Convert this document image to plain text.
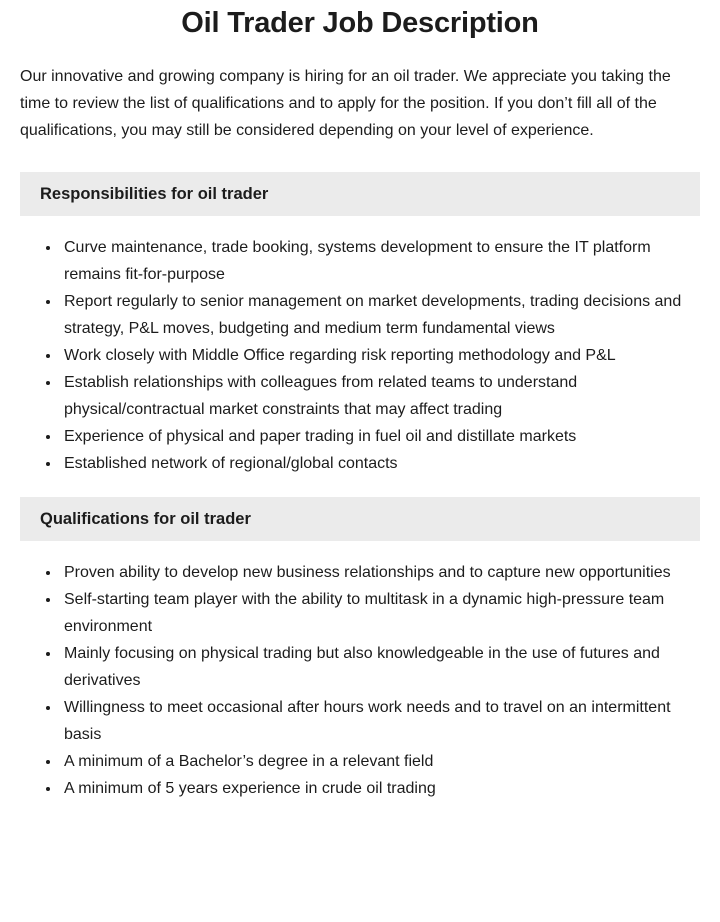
Oil Trader Job Description

Our innovative and growing company is hiring for an oil trader. We appreciate you taking the time to review the list of qualifications and to apply for the position. If you don’t fill all of the qualifications, you may still be considered depending on your level of experience.

Responsibilities for oil trader
• Curve maintenance, trade booking, systems development to ensure the IT platform remains fit-for-purpose
• Report regularly to senior management on market developments, trading decisions and strategy, P&L moves, budgeting and medium term fundamental views
• Work closely with Middle Office regarding risk reporting methodology and P&L
• Establish relationships with colleagues from related teams to understand physical/contractual market constraints that may affect trading
• Experience of physical and paper trading in fuel oil and distillate markets
• Established network of regional/global contacts
Qualifications for oil trader
• Proven ability to develop new business relationships and to capture new opportunities
• Self-starting team player with the ability to multitask in a dynamic high-pressure team environment
• Mainly focusing on physical trading but also knowledgeable in the use of futures and derivatives
• Willingness to meet occasional after hours work needs and to travel on an intermittent basis
• A minimum of a Bachelor’s degree in a relevant field
• A minimum of 5 years experience in crude oil trading
